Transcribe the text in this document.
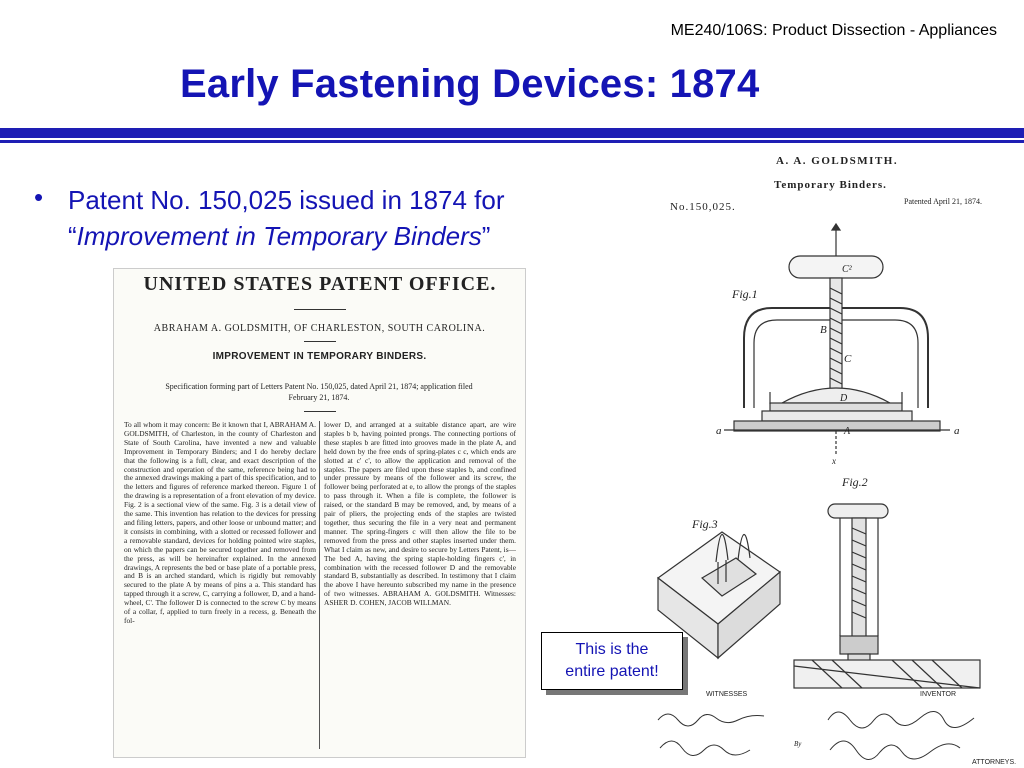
ME240/106S: Product Dissection - Appliances
Early Fastening Devices: 1874
• Patent No. 150,025 issued in 1874 for
“Improvement in Temporary Binders”
UNITED STATES PATENT OFFICE.
ABRAHAM A. GOLDSMITH, OF CHARLESTON, SOUTH CAROLINA.
IMPROVEMENT IN TEMPORARY BINDERS.
Specification forming part of Letters Patent No. 150,025, dated April 21, 1874; application filed
February 21, 1874.
To all whom it may concern: Be it known that I, ABRAHAM A. GOLDSMITH, of Charleston, in the county of Charleston and State of South Carolina, have invented a new and valuable Improvement in Temporary Binders; and I do hereby declare that the following is a full, clear, and exact description of the construction and operation of the same, reference being had to the annexed drawings making a part of this specification, and to the letters and figures of reference marked thereon. Figure 1 of the drawing is a representation of a front elevation of my device. Fig. 2 is a sectional view of the same. Fig. 3 is a detail view of the same. This invention has relation to the devices for pressing and filing letters, papers, and other loose or unbound matter; and it consists in combining, with a slotted or recessed follower and a removable standard, devices for holding pointed wire staples, on which the papers can be secured together and removed from the press, as will be hereinafter explained. In the annexed drawings, A represents the bed or base plate of a portable press, and B is an arched standard, which is rigidly but removably secured to the plate A by means of pins a a. This standard has tapped through it a screw, C, carrying a follower, D, and a hand-wheel, C'. The follower D is connected to the screw C by means of a collar, f, applied to turn freely in a recess, g. Beneath the fol-
lower D, and arranged at a suitable distance apart, are wire staples b b, having pointed prongs. The connecting portions of these staples b are fitted into grooves made in the plate A, and held down by the free ends of spring-plates c c, which ends are slotted at c' c', to allow the application and removal of the staples. The papers are filed upon these staples b, and confined under pressure by means of the follower and its screw, the follower being perforated at e, to allow the prongs of the staples to pass through it. When a file is complete, the follower is raised, or the standard B may be removed, and, by means of a pair of pliers, the projecting ends of the staples are twisted together, thus securing the file in a very neat and permanent manner. The spring-fingers c will then allow the file to be removed from the press and other staples inserted under them. What I claim as new, and desire to secure by Letters Patent, is— The bed A, having the spring staple-holding fingers c', in combination with the recessed follower D and the removable standard B, substantially as described. In testimony that I claim the above I have hereunto subscribed my name in the presence of two witnesses. ABRAHAM A. GOLDSMITH. Witnesses: ASHER D. COHEN, JACOB WILLMAN.
A. A. GOLDSMITH.
Temporary Binders.
No.150,025.	Patented April 21, 1874.
Fig.1
C²
B
C
D
a	a
A
x
Fig.2
Fig.3
WITNESSES	INVENTOR
By
ATTORNEYS.
This is the
entire patent!
